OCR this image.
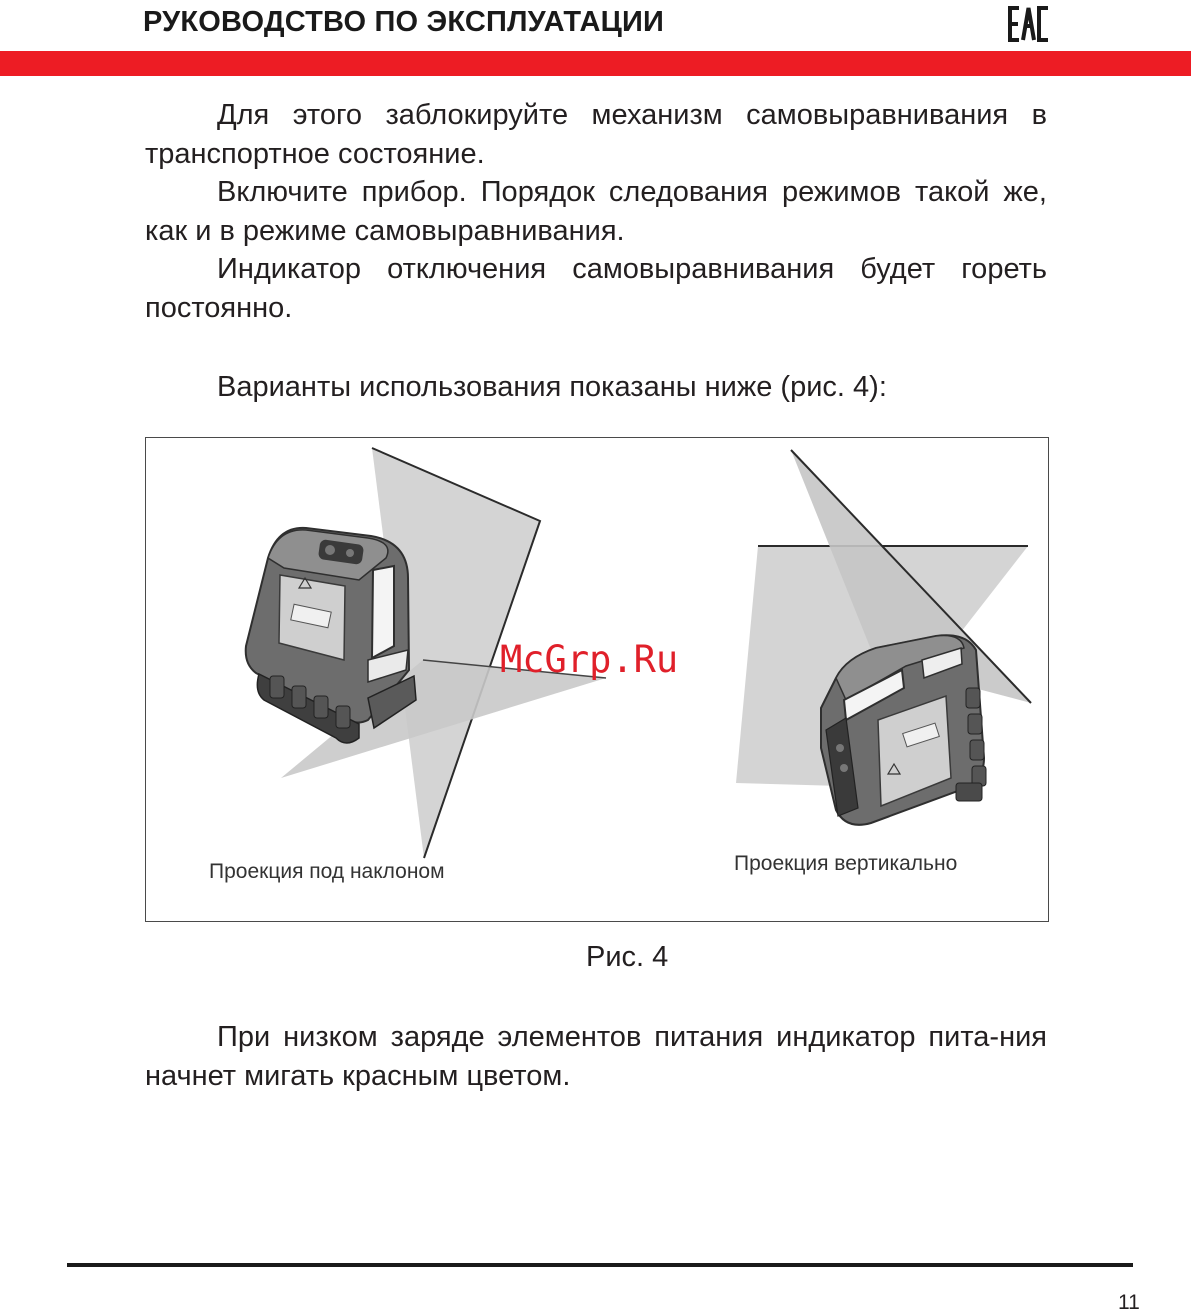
РУКОВОДСТВО ПО ЭКСПЛУАТАЦИИ

Для этого заблокируйте механизм самовыравнивания в транспортное состояние.

Включите прибор. Порядок следования режимов такой же, как и в режиме самовыравнивания.

Индикатор отключения самовыравнивания будет гореть постоянно.

Варианты использования показаны ниже (рис. 4):

Проекция под наклоном	Проекция вертикально
McGrp.Ru
Рис. 4

При низком заряде элементов питания индикатор пита-ния начнет мигать красным цветом.

11
